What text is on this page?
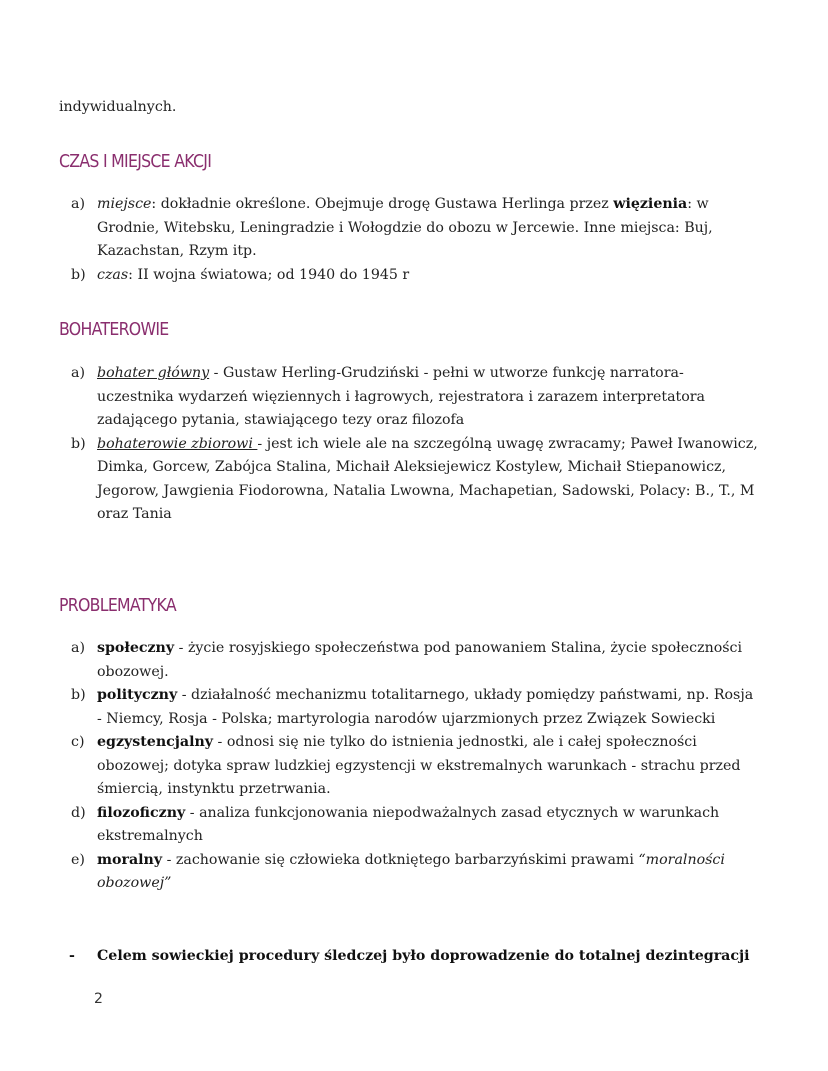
indywidualnych.
CZAS I MIEJSCE AKCJI
a) miejsce: dokładnie określone. Obejmuje drogę Gustawa Herlinga przez więzienia: w Grodnie, Witebsku, Leningradzie i Wołogdzie do obozu w Jercewie. Inne miejsca: Buj, Kazachstan, Rzym itp.
b) czas: II wojna światowa; od 1940 do 1945 r
BOHATEROWIE
a) bohater główny - Gustaw Herling-Grudziński - pełni w utworze funkcję narratora-uczestnika wydarzeń więziennych i łagrowych, rejestratora i zarazem interpretatora zadającego pytania, stawiającego tezy oraz filozofa
b) bohaterowie zbiorowi - jest ich wiele ale na szczególną uwagę zwracamy; Paweł Iwanowicz, Dimka, Gorcew, Zabójca Stalina, Michaił Aleksiejewicz Kostylew, Michaił Stiepanowicz, Jegorow, Jawgienia Fiodorowna, Natalia Lwowna, Machapetian, Sadowski, Polacy: B., T., M oraz Tania
PROBLEMATYKA
a) społeczny - życie rosyjskiego społeczeństwa pod panowaniem Stalina, życie społeczności obozowej.
b) polityczny - działalność mechanizmu totalitarnego, układy pomiędzy państwami, np. Rosja - Niemcy, Rosja - Polska; martyrologia narodów ujarzmionych przez Związek Sowiecki
c) egzystencjalny - odnosi się nie tylko do istnienia jednostki, ale i całej społeczności obozowej; dotyka spraw ludzkiej egzystencji w ekstremalnych warunkach - strachu przed śmiercią, instynktu przetrwania.
d) filozoficzny - analiza funkcjonowania niepodważalnych zasad etycznych w warunkach ekstremalnych
e) moralny - zachowanie się człowieka dotkniętego barbarzyńskimi prawami “moralności obozowej”
- Celem sowieckiej procedury śledczej było doprowadzenie do totalnej dezintegracji
2
